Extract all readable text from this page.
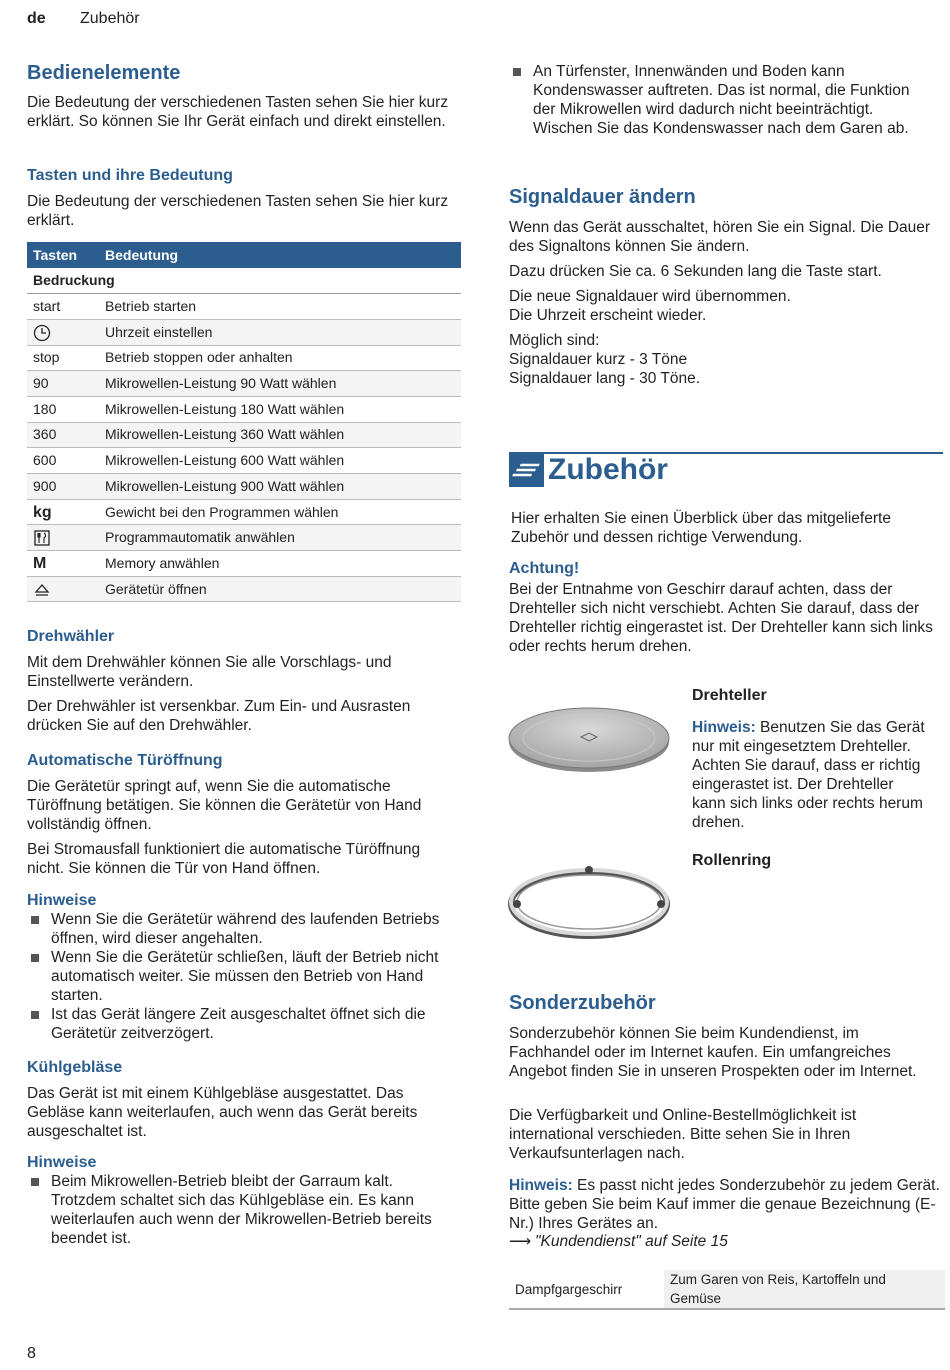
de Zubehör
Bedienelemente
Die Bedeutung der verschiedenen Tasten sehen Sie hier kurz erklärt. So können Sie Ihr Gerät einfach und direkt einstellen.
Tasten und ihre Bedeutung
Die Bedeutung der verschiedenen Tasten sehen Sie hier kurz erklärt.
Tasten	Bedeutung
Bedruckung	
start	Betrieb starten
	Uhrzeit einstellen
stop	Betrieb stoppen oder anhalten
90	Mikrowellen-Leistung 90 Watt wählen
180	Mikrowellen-Leistung 180 Watt wählen
360	Mikrowellen-Leistung 360 Watt wählen
600	Mikrowellen-Leistung 600 Watt wählen
900	Mikrowellen-Leistung 900 Watt wählen
kg	Gewicht bei den Programmen wählen
	Programmautomatik anwählen
M	Memory anwählen
	Gerätetür öffnen
Drehwähler
Mit dem Drehwähler können Sie alle Vorschlags- und Einstellwerte verändern.
Der Drehwähler ist versenkbar. Zum Ein- und Ausrasten drücken Sie auf den Drehwähler.
Automatische Türöffnung
Die Gerätetür springt auf, wenn Sie die automatische Türöffnung betätigen. Sie können die Gerätetür von Hand vollständig öffnen.
Bei Stromausfall funktioniert die automatische Türöffnung nicht. Sie können die Tür von Hand öffnen.
Hinweise
Wenn Sie die Gerätetür während des laufenden Betriebs öffnen, wird dieser angehalten.
Wenn Sie die Gerätetür schließen, läuft der Betrieb nicht automatisch weiter. Sie müssen den Betrieb von Hand starten.
Ist das Gerät längere Zeit ausgeschaltet öffnet sich die Gerätetür zeitverzögert.
Kühlgebläse
Das Gerät ist mit einem Kühlgebläse ausgestattet. Das Gebläse kann weiterlaufen, auch wenn das Gerät bereits ausgeschaltet ist.
Hinweise
Beim Mikrowellen-Betrieb bleibt der Garraum kalt. Trotzdem schaltet sich das Kühlgebläse ein. Es kann weiterlaufen auch wenn der Mikrowellen-Betrieb bereits beendet ist.
An Türfenster, Innenwänden und Boden kann Kondenswasser auftreten. Das ist normal, die Funktion der Mikrowellen wird dadurch nicht beeinträchtigt. Wischen Sie das Kondenswasser nach dem Garen ab.
Signaldauer ändern
Wenn das Gerät ausschaltet, hören Sie ein Signal. Die Dauer des Signaltons können Sie ändern.
Dazu drücken Sie ca. 6 Sekunden lang die Taste start.
Die neue Signaldauer wird übernommen.
Die Uhrzeit erscheint wieder.
Möglich sind:
Signaldauer kurz - 3 Töne
Signaldauer lang - 30 Töne.
Zubehör
Hier erhalten Sie einen Überblick über das mitgelieferte Zubehör und dessen richtige Verwendung.
Achtung!
Bei der Entnahme von Geschirr darauf achten, dass der Drehteller sich nicht verschiebt. Achten Sie darauf, dass der Drehteller richtig eingerastet ist. Der Drehteller kann sich links oder rechts herum drehen.
Drehteller
Hinweis: Benutzen Sie das Gerät nur mit eingesetztem Drehteller. Achten Sie darauf, dass er richtig eingerastet ist. Der Drehteller kann sich links oder rechts herum drehen.
Rollenring
Sonderzubehör
Sonderzubehör können Sie beim Kundendienst, im Fachhandel oder im Internet kaufen. Ein umfangreiches Angebot finden Sie in unseren Prospekten oder im Internet.
Die Verfügbarkeit und Online-Bestellmöglichkeit ist international verschieden. Bitte sehen Sie in Ihren Verkaufsunterlagen nach.
Hinweis: Es passt nicht jedes Sonderzubehör zu jedem Gerät. Bitte geben Sie beim Kauf immer die genaue Bezeichnung (E-Nr.) Ihres Gerätes an.
⟶ "Kundendienst" auf Seite 15
Dampfgargeschirr	Zum Garen von Reis, Kartoffeln und Gemüse
8
